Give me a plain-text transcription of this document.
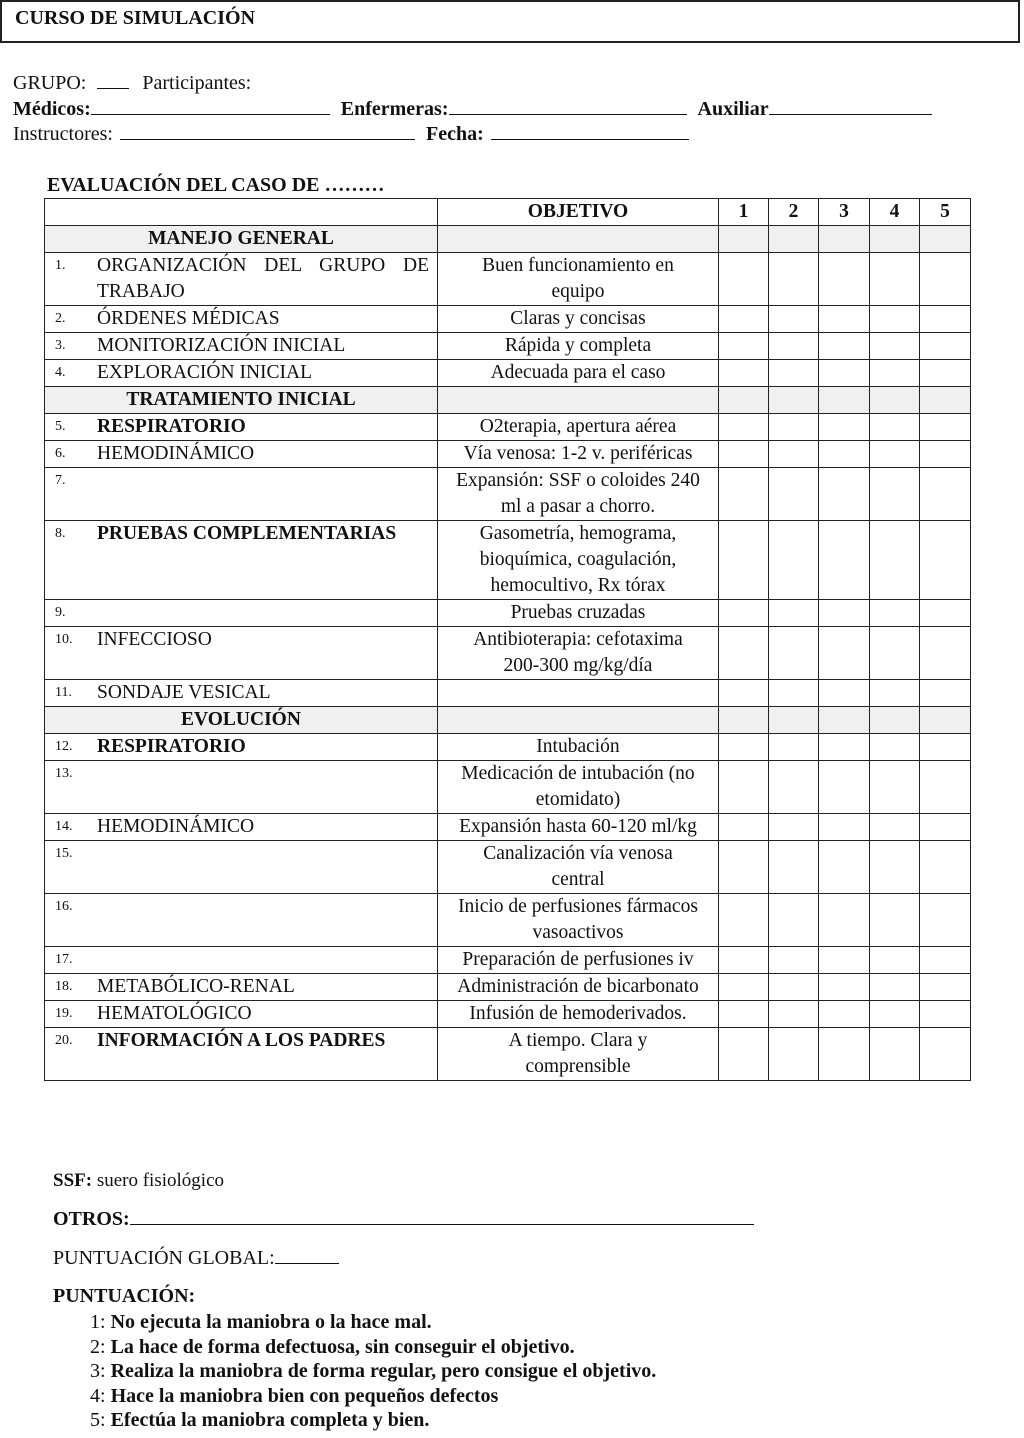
CURSO DE SIMULACIÓN
GRUPO:	Participantes:
Médicos:	Enfermeras:	Auxiliar
Instructores:	Fecha:
EVALUACIÓN DEL CASO DE ………
	OBJETIVO	1	2	3	4	5
MANEJO GENERAL						
1. ORGANIZACIÓN DEL GRUPO DE TRABAJO	Buen funcionamiento en equipo					
2. ÓRDENES MÉDICAS	Claras y concisas					
3. MONITORIZACIÓN INICIAL	Rápida y completa					
4. EXPLORACIÓN INICIAL	Adecuada para el caso					
TRATAMIENTO INICIAL						
5. RESPIRATORIO	O2terapia, apertura aérea					
6. HEMODINÁMICO	Vía venosa: 1-2 v. periféricas					
7.	Expansión: SSF o coloides 240 ml a pasar a chorro.					
8. PRUEBAS COMPLEMENTARIAS	Gasometría, hemograma, bioquímica, coagulación, hemocultivo, Rx tórax					
9.	Pruebas cruzadas					
10. INFECCIOSO	Antibioterapia: cefotaxima 200-300 mg/kg/día					
11. SONDAJE VESICAL						
EVOLUCIÓN						
12. RESPIRATORIO	Intubación					
13.	Medicación de intubación (no etomidato)					
14. HEMODINÁMICO	Expansión hasta 60-120 ml/kg					
15.	Canalización vía venosa central					
16.	Inicio de perfusiones fármacos vasoactivos					
17.	Preparación de perfusiones iv					
18. METABÓLICO-RENAL	Administración de bicarbonato					
19. HEMATOLÓGICO	Infusión de hemoderivados.					
20. INFORMACIÓN A LOS PADRES	A tiempo. Clara y comprensible					
SSF: suero fisiológico
OTROS:
PUNTUACIÓN GLOBAL:
PUNTUACIÓN:
1: No ejecuta la maniobra o la hace mal.
2: La hace de forma defectuosa, sin conseguir el objetivo.
3: Realiza la maniobra de forma regular, pero consigue el objetivo.
4: Hace la maniobra bien con pequeños defectos
5: Efectúa la maniobra completa y bien.
